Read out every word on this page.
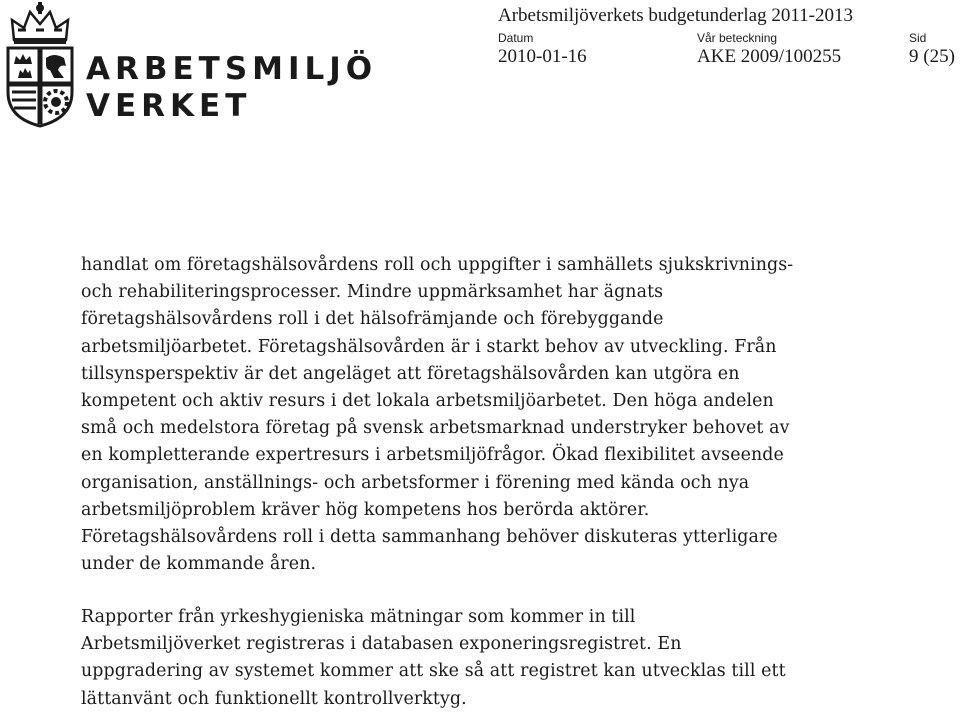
ARBETSMILJÖ
VERKET
Arbetsmiljöverkets budgetunderlag 2011-2013
Datum	Vår beteckning	Sid
2010-01-16	AKE 2009/100255	9 (25)
handlat om företagshälsovårdens roll och uppgifter i samhällets sjukskrivnings-
och rehabiliteringsprocesser. Mindre uppmärksamhet har ägnats
företagshälsovårdens roll i det hälsofrämjande och förebyggande
arbetsmiljöarbetet. Företagshälsovården är i starkt behov av utveckling. Från
tillsynsperspektiv är det angeläget att företagshälsovården kan utgöra en
kompetent och aktiv resurs i det lokala arbetsmiljöarbetet. Den höga andelen
små och medelstora företag på svensk arbetsmarknad understryker behovet av
en kompletterande expertresurs i arbetsmiljöfrågor. Ökad flexibilitet avseende
organisation, anställnings- och arbetsformer i förening med kända och nya
arbetsmiljöproblem kräver hög kompetens hos berörda aktörer.
Företagshälsovårdens roll i detta sammanhang behöver diskuteras ytterligare
under de kommande åren.
Rapporter från yrkeshygieniska mätningar som kommer in till
Arbetsmiljöverket registreras i databasen exponeringsregistret. En
uppgradering av systemet kommer att ske så att registret kan utvecklas till ett
lättanvänt och funktionellt kontrollverktyg.
